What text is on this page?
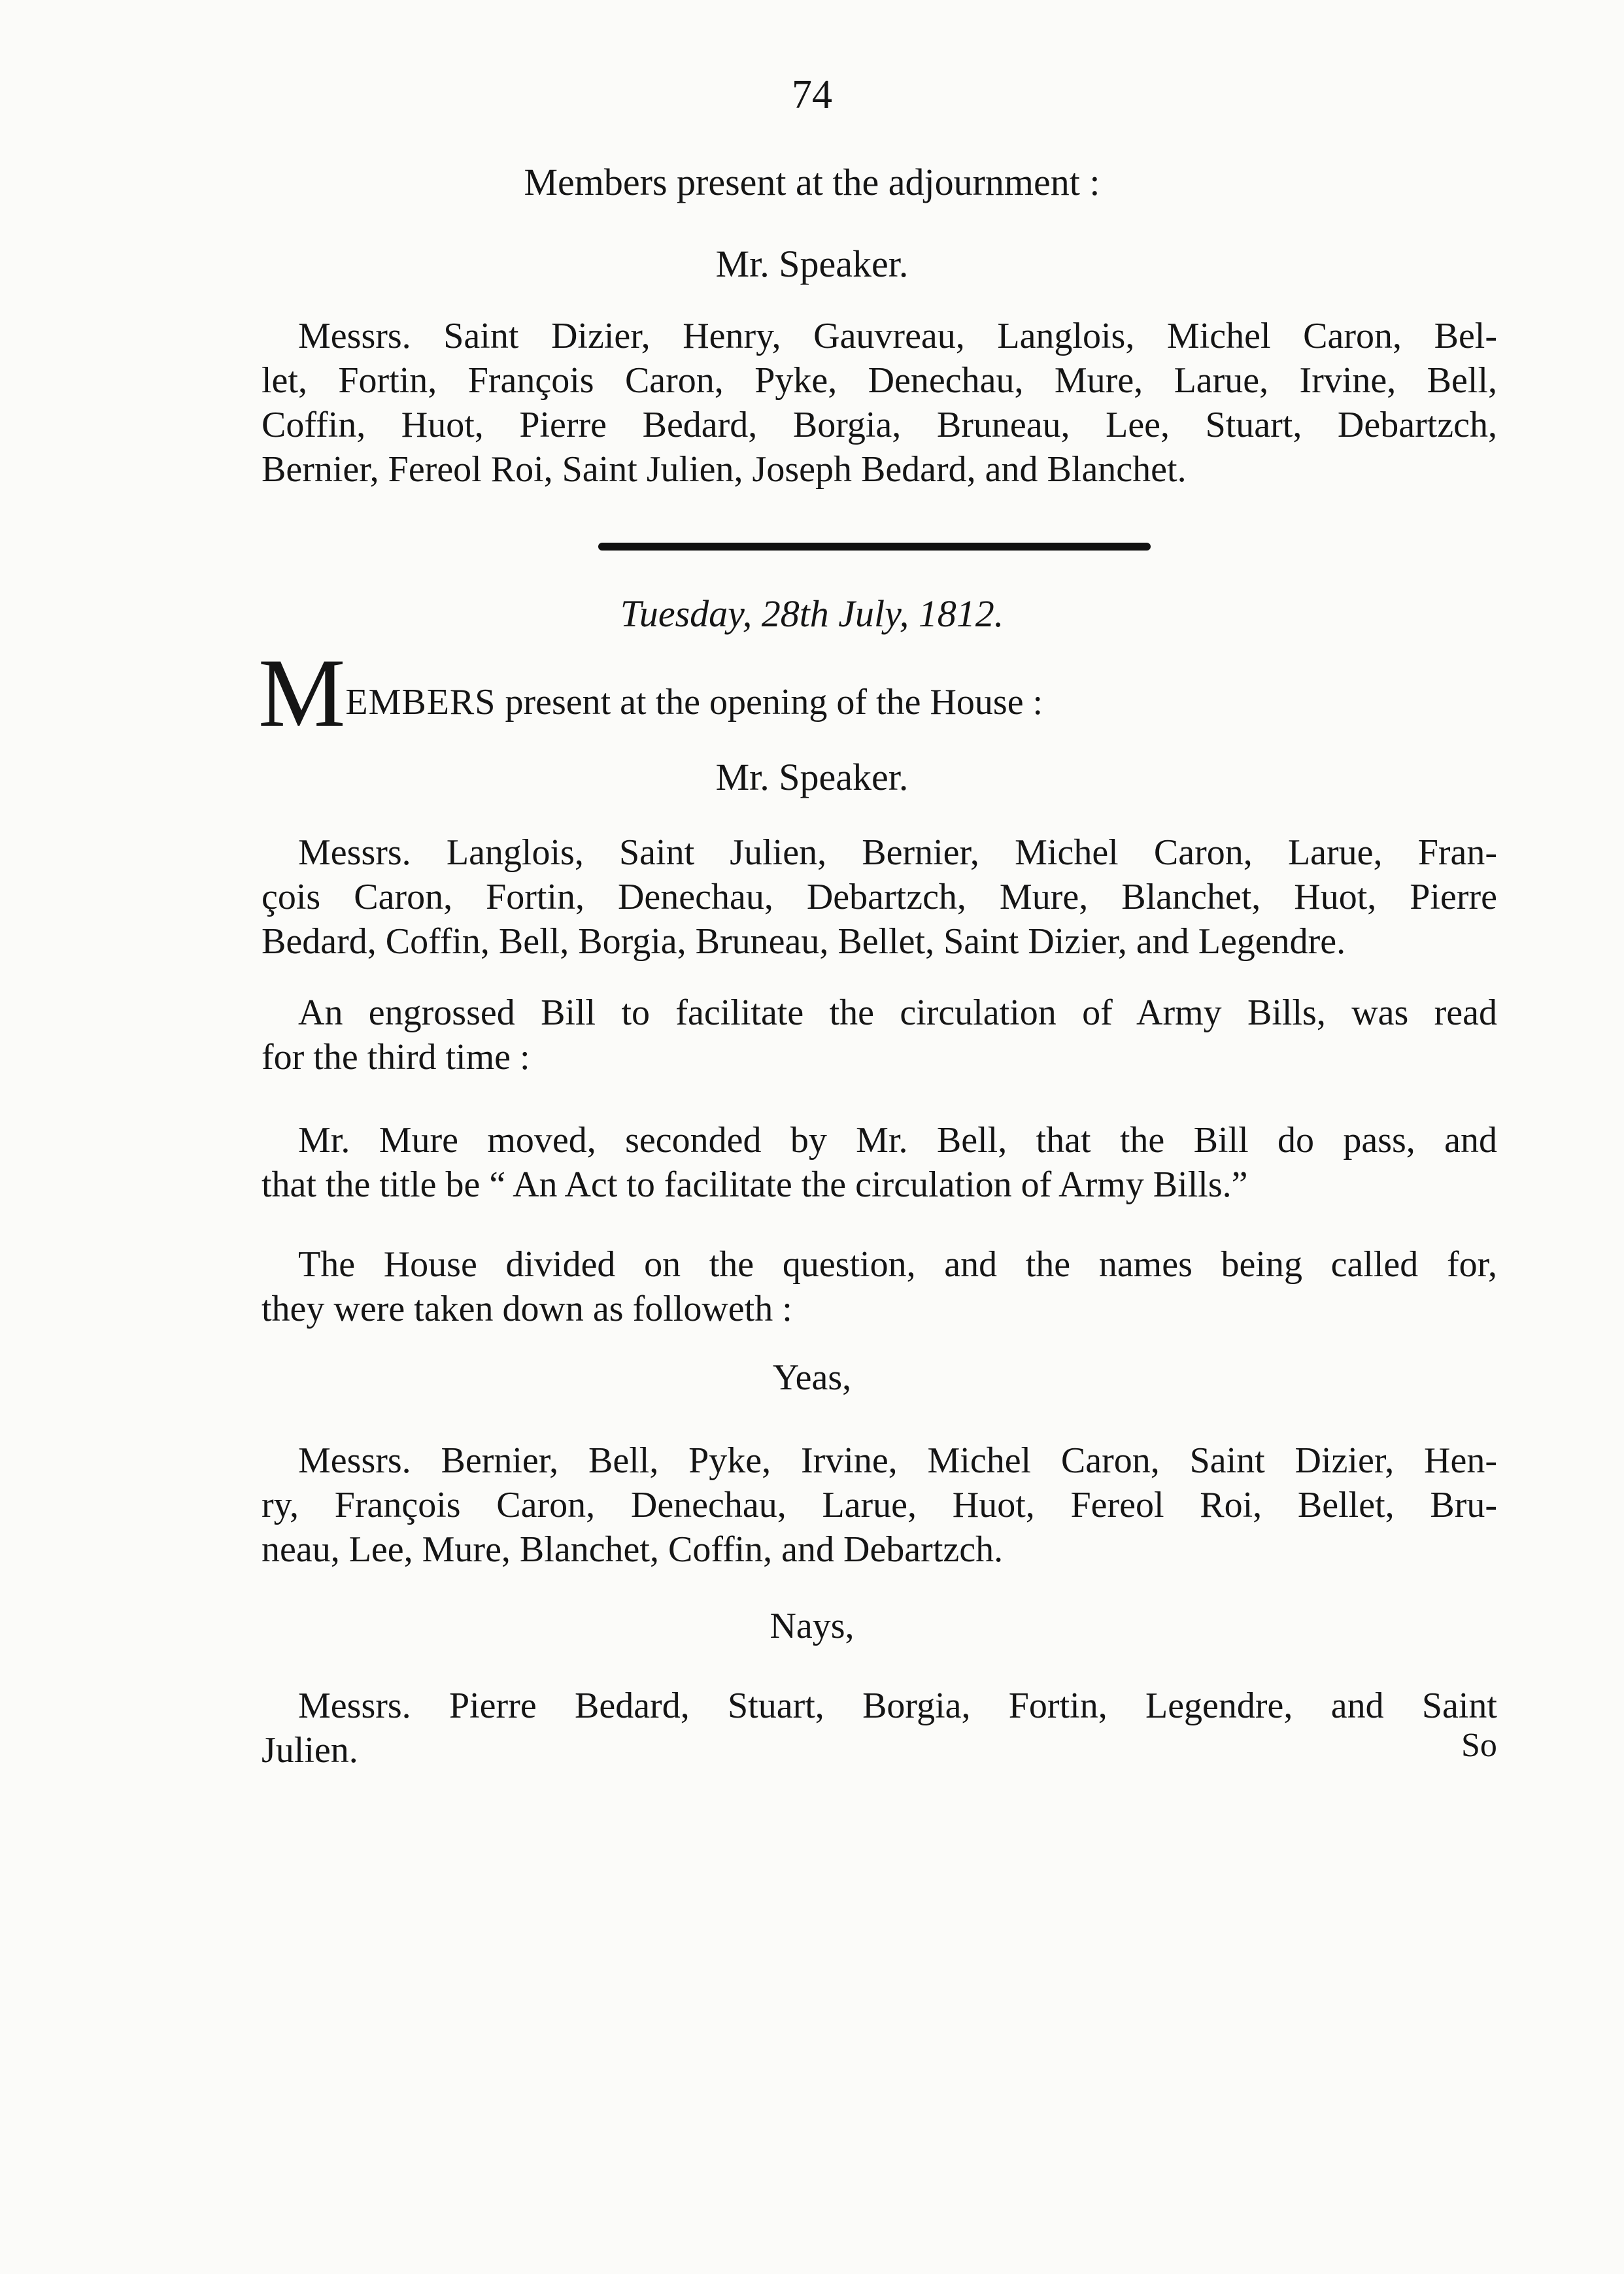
74
Members present at the adjournment :
Mr. Speaker.
Messrs. Saint Dizier, Henry, Gauvreau, Langlois, Michel Caron, Bel-
let, Fortin, François Caron, Pyke, Denechau, Mure, Larue, Irvine, Bell,
Coffin, Huot, Pierre Bedard, Borgia, Bruneau, Lee, Stuart, Debartzch,
Bernier, Fereol Roi, Saint Julien, Joseph Bedard, and Blanchet.
Tuesday, 28th July, 1812.
MEMBERS present at the opening of the House :
Mr. Speaker.
Messrs. Langlois, Saint Julien, Bernier, Michel Caron, Larue, Fran-
çois Caron, Fortin, Denechau, Debartzch, Mure, Blanchet, Huot, Pierre
Bedard, Coffin, Bell, Borgia, Bruneau, Bellet, Saint Dizier, and Legendre.
An engrossed Bill to facilitate the circulation of Army Bills, was read
for the third time :
Mr. Mure moved, seconded by Mr. Bell, that the Bill do pass, and
that the title be “ An Act to facilitate the circulation of Army Bills.”
The House divided on the question, and the names being called for,
they were taken down as followeth :
Yeas,
Messrs. Bernier, Bell, Pyke, Irvine, Michel Caron, Saint Dizier, Hen-
ry, François Caron, Denechau, Larue, Huot, Fereol Roi, Bellet, Bru-
neau, Lee, Mure, Blanchet, Coffin, and Debartzch.
Nays,
Messrs. Pierre Bedard, Stuart, Borgia, Fortin, Legendre, and Saint
Julien.	So
